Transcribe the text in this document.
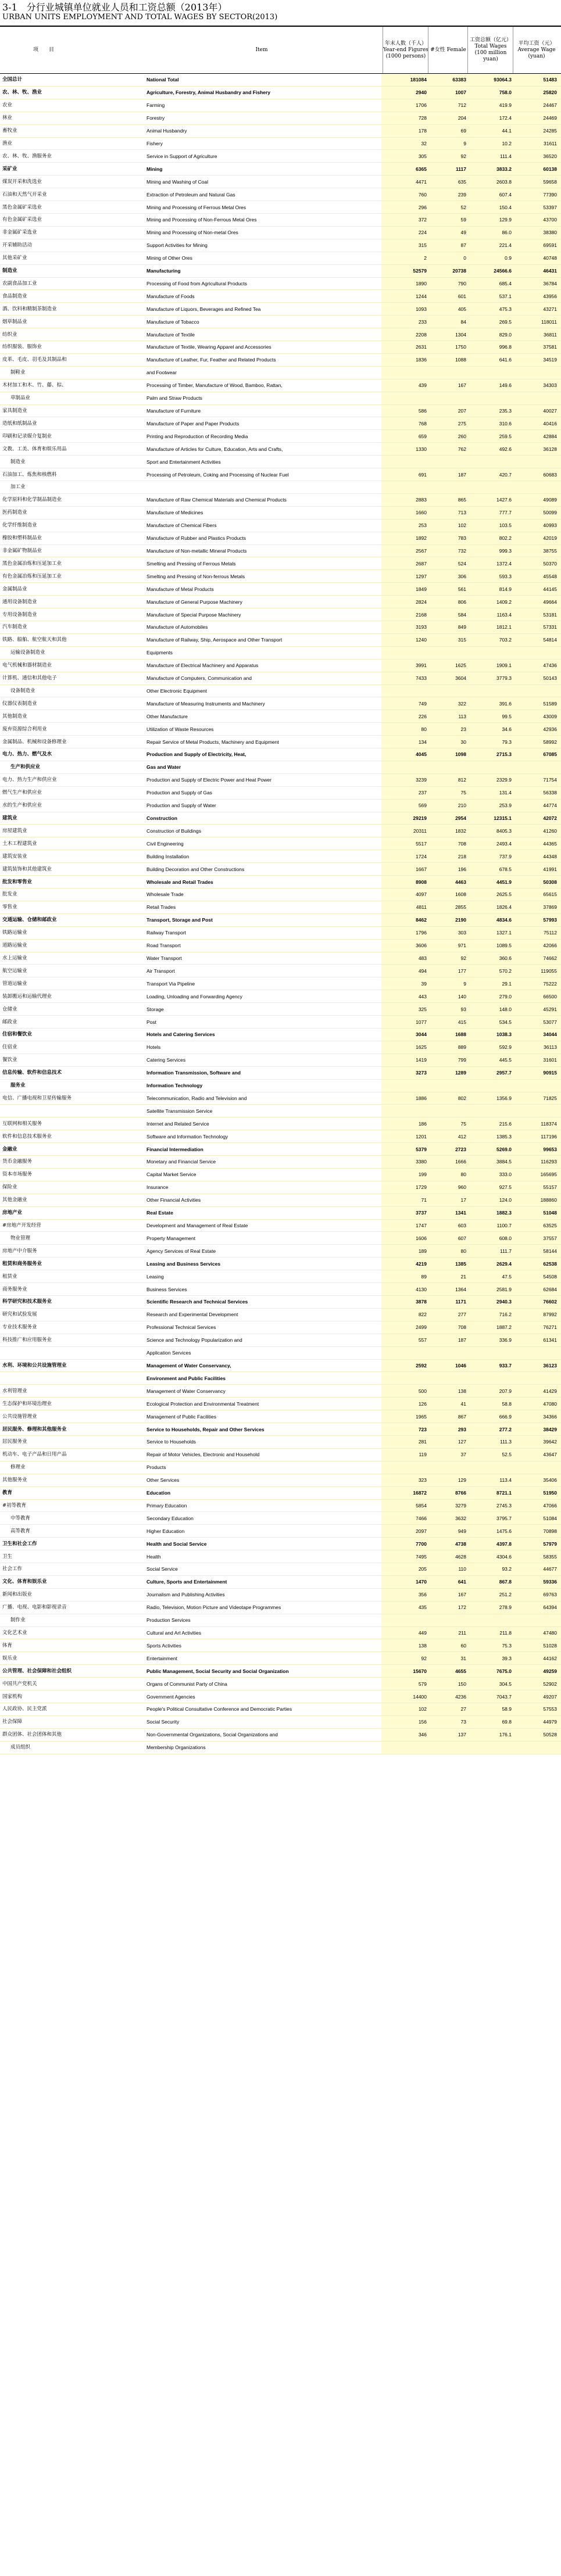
3-1　分行业城镇单位就业人员和工资总额（2013年）
URBAN UNITS EMPLOYMENT AND TOTAL WAGES BY SECTOR(2013)
项　　目	Item
年末人数（千人）Year-end Figures (1000 persons)
#女性 Female
工资总额（亿元）Total Wages (100 million yuan)
平均工资（元）Average Wage (yuan)
全国总计	National Total	181084	63383	93064.3	51483
农、林、牧、渔业	Agriculture, Forestry, Animal Husbandry and Fishery	2940	1007	758.0	25820
农业	Farming	1706	712	419.9	24467
林业	Forestry	728	204	172.4	24469
畜牧业	Animal Husbandry	178	69	44.1	24285
渔业	Fishery	32	9	10.2	31611
农、林、牧、渔服务业	Service in Support of Agriculture	305	92	111.4	36520
采矿业	Mining	6365	1117	3833.2	60138
煤炭开采和洗选业	Mining and Washing of Coal	4471	635	2603.8	59658
石油和天然气开采业	Extraction of Petroleum and Natural Gas	760	239	607.4	77390
黑色金属矿采选业	Mining and Processing of Ferrous Metal Ores	296	52	150.4	53397
有色金属矿采选业	Mining and Processing of Non-Ferrous Metal Ores	372	59	129.9	43700
非金属矿采选业	Mining and Processing of Non-metal Ores	224	49	86.0	38380
开采辅助活动	Support Activities for Mining	315	87	221.4	69591
其他采矿业	Mining of Other Ores	2	0	0.9	40748
制造业	Manufacturing	52579	20738	24566.6	46431
农副食品加工业	Processing of Food from Agricultural Products	1890	790	685.4	36784
食品制造业	Manufacture of Foods	1244	601	537.1	43956
酒、饮料和精制茶制造业	Manufacture of Liquors, Beverages and Refined Tea	1093	405	475.3	43271
烟草制品业	Manufacture of Tobacco	233	84	269.5	118011
纺织业	Manufacture of Textile	2208	1304	829.0	36811
纺织服装、服饰业	Manufacture of Textile, Wearing Apparel and Accessories	2631	1750	996.8	37581
皮革、毛皮、羽毛及其制品和	Manufacture of Leather, Fur, Feather and Related Products	1836	1088	641.6	34519
制鞋业	and Footwear
木材加工和木、竹、藤、棕、	Processing of Timber, Manufacture of Wood, Bamboo, Rattan,	439	167	149.6	34303
草制品业	Palm and Straw Products
家具制造业	Manufacture of Furniture	586	207	235.3	40027
造纸和纸制品业	Manufacture of Paper and Paper Products	768	275	310.6	40416
印刷和记录媒介复制业	Printing and Reproduction of Recording Media	659	260	259.5	42884
文教、工美、体育和娱乐用品	Manufacture of Articles for Culture, Education, Arts and Crafts,	1330	762	492.6	36128
制造业	Sport and Entertainment Activities
石油加工、炼焦和核燃料	Processing of Petroleum, Coking and Processing of Nuclear Fuel	691	187	420.7	60683
加工业
化学原料和化学制品制造业	Manufacture of Raw Chemical Materials and Chemical Products	2883	865	1427.6	49089
医药制造业	Manufacture of Medicines	1660	713	777.7	50099
化学纤维制造业	Manufacture of Chemical Fibers	253	102	103.5	40993
橡胶和塑料制品业	Manufacture of Rubber and Plastics Products	1892	783	802.2	42019
非金属矿物制品业	Manufacture of Non-metallic Mineral Products	2567	732	999.3	38755
黑色金属冶炼和压延加工业	Smelting and Pressing of Ferrous Metals	2687	524	1372.4	50370
有色金属冶炼和压延加工业	Smelting and Pressing of Non-ferrous Metals	1297	306	593.3	45548
金属制品业	Manufacture of Metal Products	1849	561	814.9	44145
通用设备制造业	Manufacture of General Purpose Machinery	2824	806	1409.2	49664
专用设备制造业	Manufacture of Special Purpose Machinery	2168	584	1163.4	53181
汽车制造业	Manufacture of Automobiles	3193	849	1812.1	57331
铁路、船舶、航空航天和其他	Manufacture of Railway, Ship, Aerospace and Other Transport	1240	315	703.2	54814
运输设备制造业	Equipments
电气机械和器材制造业	Manufacture of Electrical Machinery and Apparatus	3991	1625	1909.1	47436
计算机、通信和其他电子	Manufacture of Computers, Communication and	7433	3604	3779.3	50143
设备制造业	Other Electronic Equipment
仪器仪表制造业	Manufacture of Measuring Instruments and Machinery	749	322	391.6	51589
其他制造业	Other Manufacture	226	113	99.5	43009
废弃资源综合利用业	Utilization of Waste Resources	80	23	34.6	42936
金属制品、机械和设备修理业	Repair Service of Metal Products, Machinery and Equipment	134	30	79.3	58992
电力、热力、燃气及水	Production and Supply of Electricity, Heat,	4045	1098	2715.3	67085
生产和供应业	Gas and Water
电力、热力生产和供应业	Production and Supply of Electric Power and Heat Power	3239	812	2329.9	71754
燃气生产和供应业	Production and Supply of Gas	237	75	131.4	56338
水的生产和供应业	Production and Supply of Water	569	210	253.9	44774
建筑业	Construction	29219	2954	12315.1	42072
房屋建筑业	Construction of Buildings	20311	1832	8405.3	41260
土木工程建筑业	Civil Engineering	5517	708	2493.4	44365
建筑安装业	Building Installation	1724	218	737.9	44348
建筑装饰和其他建筑业	Building Decoration and Other Constructions	1667	196	678.5	41991
批发和零售业	Wholesale and Retail Trades	8908	4463	4451.9	50308
批发业	Wholesale Trade	4097	1608	2625.5	65615
零售业	Retail Trades	4811	2855	1826.4	37869
交通运输、仓储和邮政业	Transport, Storage and Post	8462	2190	4834.6	57993
铁路运输业	Railway Transport	1796	303	1327.1	75112
道路运输业	Road Transport	3606	971	1089.5	42066
水上运输业	Water Transport	483	92	360.6	74662
航空运输业	Air Transport	494	177	570.2	119055
管道运输业	Transport Via Pipeline	39	9	29.1	75222
装卸搬运和运输代理业	Loading, Unloading and Forwarding Agency	443	140	279.0	66500
仓储业	Storage	325	93	148.0	45291
邮政业	Post	1077	415	534.5	53077
住宿和餐饮业	Hotels and Catering Services	3044	1688	1038.3	34044
住宿业	Hotels	1625	889	592.9	36113
餐饮业	Catering Services	1419	799	445.5	31601
信息传输、软件和信息技术	Information Transmission, Software and	3273	1289	2957.7	90915
服务业	Information Technology
电信、广播电视和卫星传输服务	Telecommunication, Radio and Television and	1886	802	1356.9	71825
Satellite Transmission Service
互联网和相关服务	Internet and Related Service	186	75	215.6	118374
软件和信息技术服务业	Software and Information Technology	1201	412	1385.3	117196
金融业	Financial Intermediation	5379	2723	5269.0	99653
货币金融服务	Monetary and Financial Service	3380	1666	3884.5	116293
资本市场服务	Capital Market Service	199	80	333.0	165695
保险业	Insurance	1729	960	927.5	55157
其他金融业	Other Financial Activities	71	17	124.0	188860
房地产业	Real Estate	3737	1341	1882.3	51048
#房地产开发经营	Development and Management of Real Estate	1747	603	1100.7	63525
物业管理	Property Management	1606	607	608.0	37557
房地产中介服务	Agency Services of Real Estate	189	80	111.7	58144
租赁和商务服务业	Leasing and Business Services	4219	1385	2629.4	62538
租赁业	Leasing	89	21	47.5	54508
商务服务业	Business Services	4130	1364	2581.9	62684
科学研究和技术服务业	Scientific Research and Technical Services	3878	1171	2940.3	76602
研究和试验发展	Research and Experimental Development	822	277	716.2	87992
专业技术服务业	Professional Technical Services	2499	708	1887.2	76271
科技推广和应用服务业	Science and Technology Popularization and	557	187	336.9	61341
Application Services
水利、环境和公共设施管理业	Management of Water Conservancy,	2592	1046	933.7	36123
Environment and Public Facilities
水利管理业	Management of Water Conservancy	500	138	207.9	41429
生态保护和环境治理业	Ecological Protection and Environmental Treatment	126	41	58.8	47080
公共设施管理业	Management of Public Facilities	1965	867	666.9	34366
居民服务、修理和其他服务业	Service to Households, Repair and Other Services	723	293	277.2	38429
居民服务业	Service to Households	281	127	111.3	39642
机动车、电子产品和日用产品	Repair of Motor Vehicles, Electronic and Household	119	37	52.5	43647
修理业	Products
其他服务业	Other Services	323	129	113.4	35406
教育	Education	16872	8766	8721.1	51950
#初等教育	Primary Education	5854	3279	2745.3	47066
中等教育	Secondary Education	7466	3632	3795.7	51084
高等教育	Higher Education	2097	949	1475.6	70898
卫生和社会工作	Health and Social Service	7700	4738	4397.8	57979
卫生	Health	7495	4628	4304.6	58355
社会工作	Social Service	205	110	93.2	44677
文化、体育和娱乐业	Culture, Sports and Entertainment	1470	641	867.8	59336
新闻和出版业	Journalism and Publishing Activities	356	167	251.2	69763
广播、电视、电影和影视录音	Radio, Television, Motion Picture and Videotape Programmes	435	172	278.9	64394
制作业	Production Services
文化艺术业	Cultural and Art Activities	449	211	211.8	47480
体育	Sports Activities	138	60	75.3	51028
娱乐业	Entertainment	92	31	39.3	44162
公共管理、社会保障和社会组织	Public Management, Social Security and Social Organization	15670	4655	7675.0	49259
中国共产党机关	Organs of Communist Party of China	579	150	304.5	52902
国家机构	Government Agencies	14400	4236	7043.7	49207
人民政协、民主党派	People's Political Consultative Conference and Democratic Parties	102	27	58.9	57553
社会保障	Social Security	156	73	69.8	44979
群众团体、社会团体和其他	Non-Governmental Organizations, Social Organizations and	346	137	176.1	50528
成员组织	Membership Organizations
